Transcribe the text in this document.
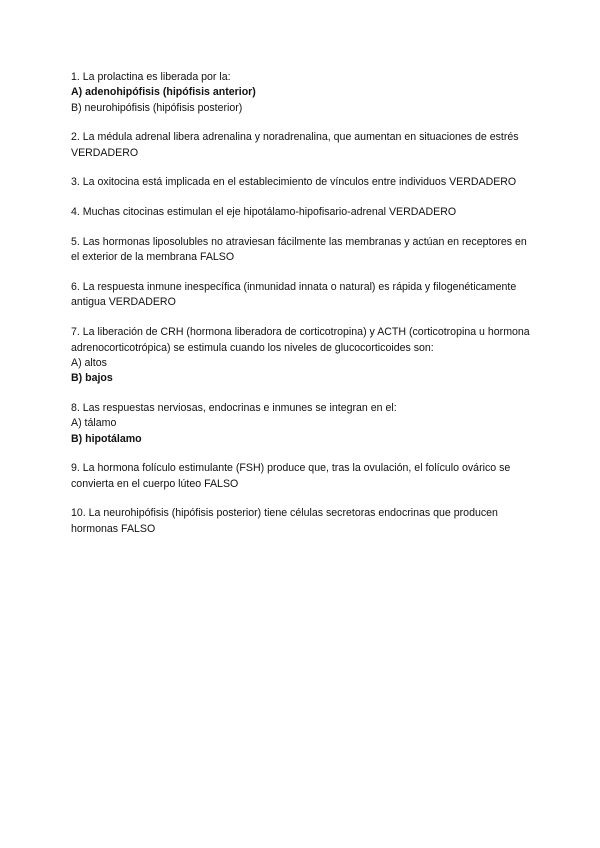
1. La prolactina es liberada por la:
A) adenohipófisis (hipófisis anterior)
B) neurohipófisis (hipófisis posterior)
2. La médula adrenal libera adrenalina y noradrenalina, que aumentan en situaciones de estrés VERDADERO
3. La oxitocina está implicada en el establecimiento de vínculos entre individuos VERDADERO
4. Muchas citocinas estimulan el eje hipotálamo-hipofisario-adrenal VERDADERO
5. Las hormonas liposolubles no atraviesan fácilmente las membranas y actúan en receptores en el exterior de la membrana FALSO
6. La respuesta inmune inespecífica (inmunidad innata o natural) es rápida y filogenéticamente antigua VERDADERO
7. La liberación de CRH (hormona liberadora de corticotropina) y ACTH (corticotropina u hormona adrenocorticotrópica) se estimula cuando los niveles de glucocorticoides son:
A) altos
B) bajos
8. Las respuestas nerviosas, endocrinas e inmunes se integran en el:
A) tálamo
B) hipotálamo
9. La hormona folículo estimulante (FSH) produce que, tras la ovulación, el folículo ovárico se convierta en el cuerpo lúteo FALSO
10. La neurohipófisis (hipófisis posterior) tiene células secretoras endocrinas que producen hormonas FALSO
